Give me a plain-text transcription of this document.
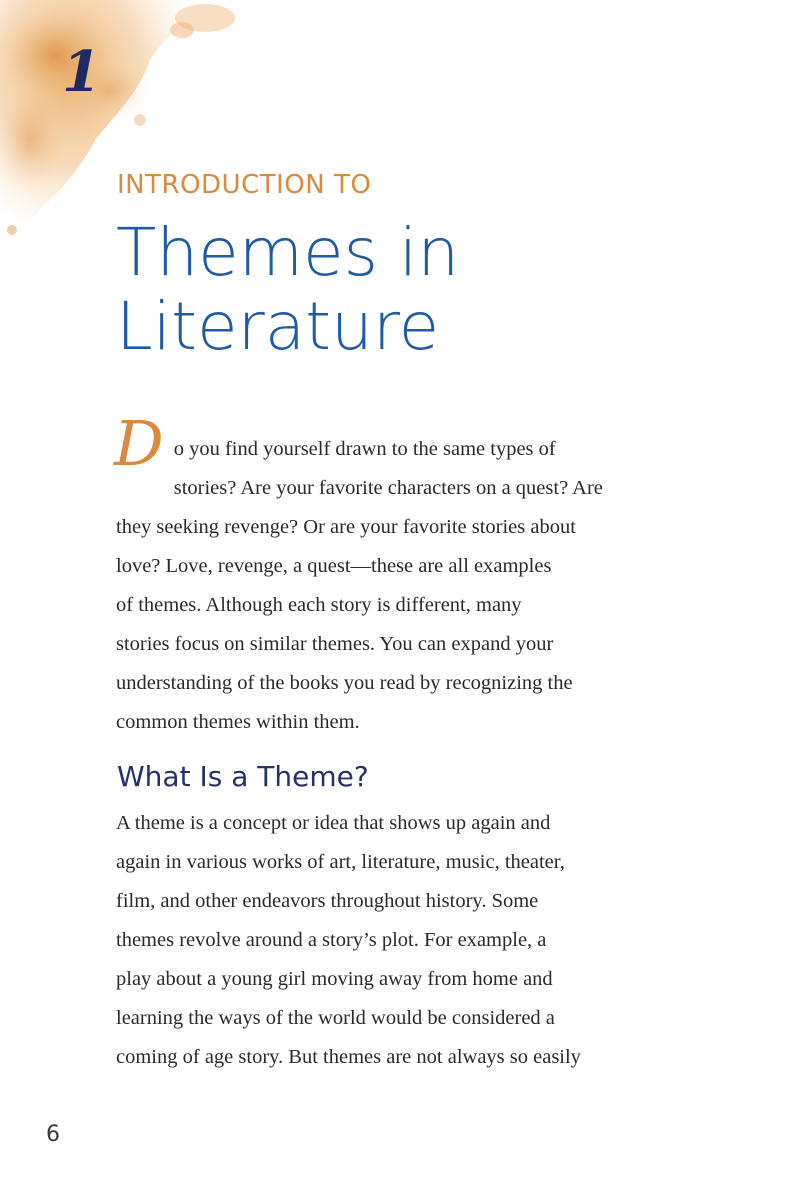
1
INTRODUCTION TO
Themes in
Literature
D o you find yourself drawn to the same types of
stories? Are your favorite characters on a quest? Are
they seeking revenge? Or are your favorite stories about
love? Love, revenge, a quest—these are all examples
of themes. Although each story is different, many
stories focus on similar themes. You can expand your
understanding of the books you read by recognizing the
common themes within them.
What Is a Theme?
A theme is a concept or idea that shows up again and
again in various works of art, literature, music, theater,
film, and other endeavors throughout history. Some
themes revolve around a story’s plot. For example, a
play about a young girl moving away from home and
learning the ways of the world would be considered a
coming of age story. But themes are not always so easily
6
